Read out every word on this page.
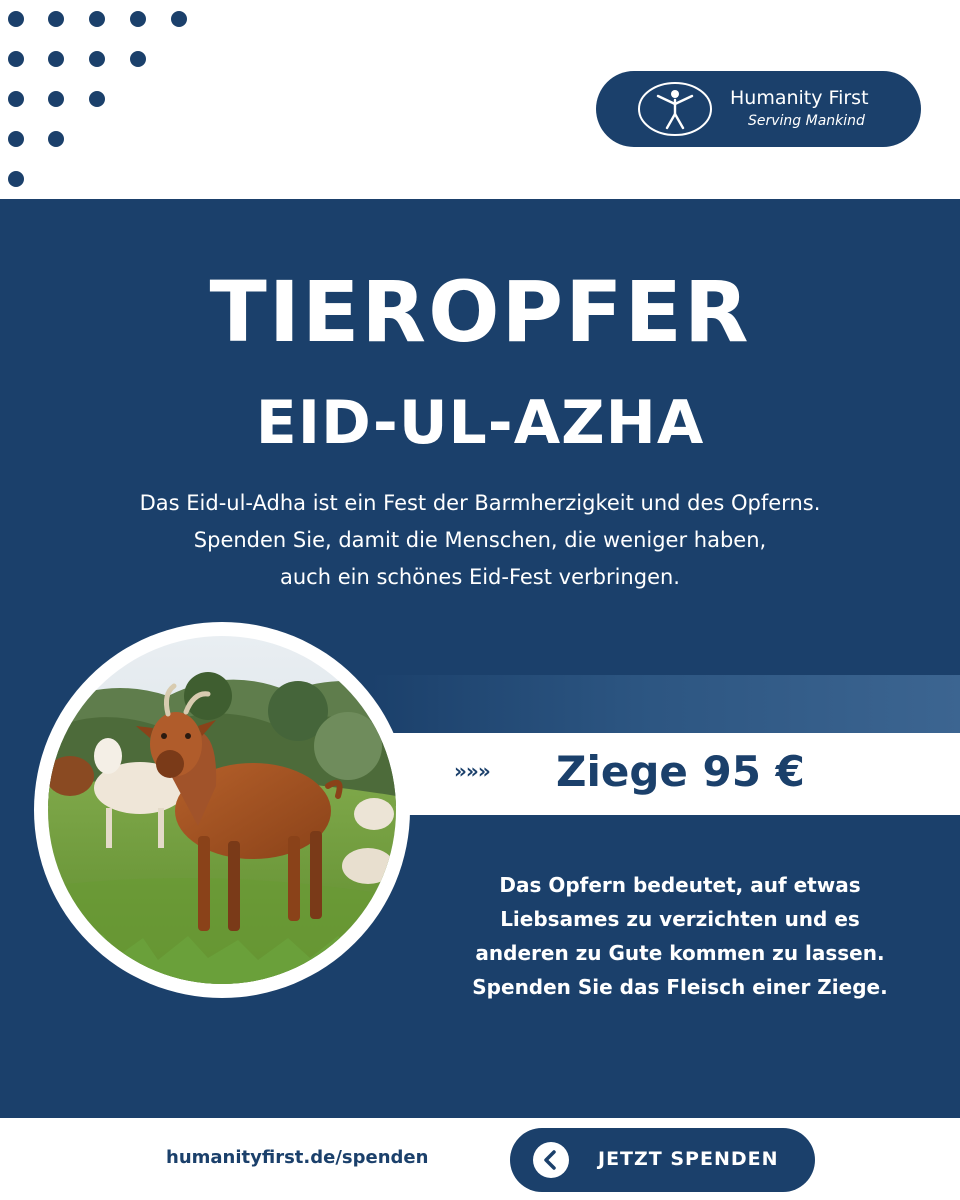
Humanity First
Serving Mankind
TIEROPFER
EID-UL-AZHA
Das Eid-ul-Adha ist ein Fest der Barmherzigkeit und des Opferns.
Spenden Sie, damit die Menschen, die weniger haben,
auch ein schönes Eid-Fest verbringen.
»»» Ziege 95 €
Das Opfern bedeutet, auf etwas
Liebsames zu verzichten und es
anderen zu Gute kommen zu lassen.
Spenden Sie das Fleisch einer Ziege.
humanityfirst.de/spenden	JETZT SPENDEN
